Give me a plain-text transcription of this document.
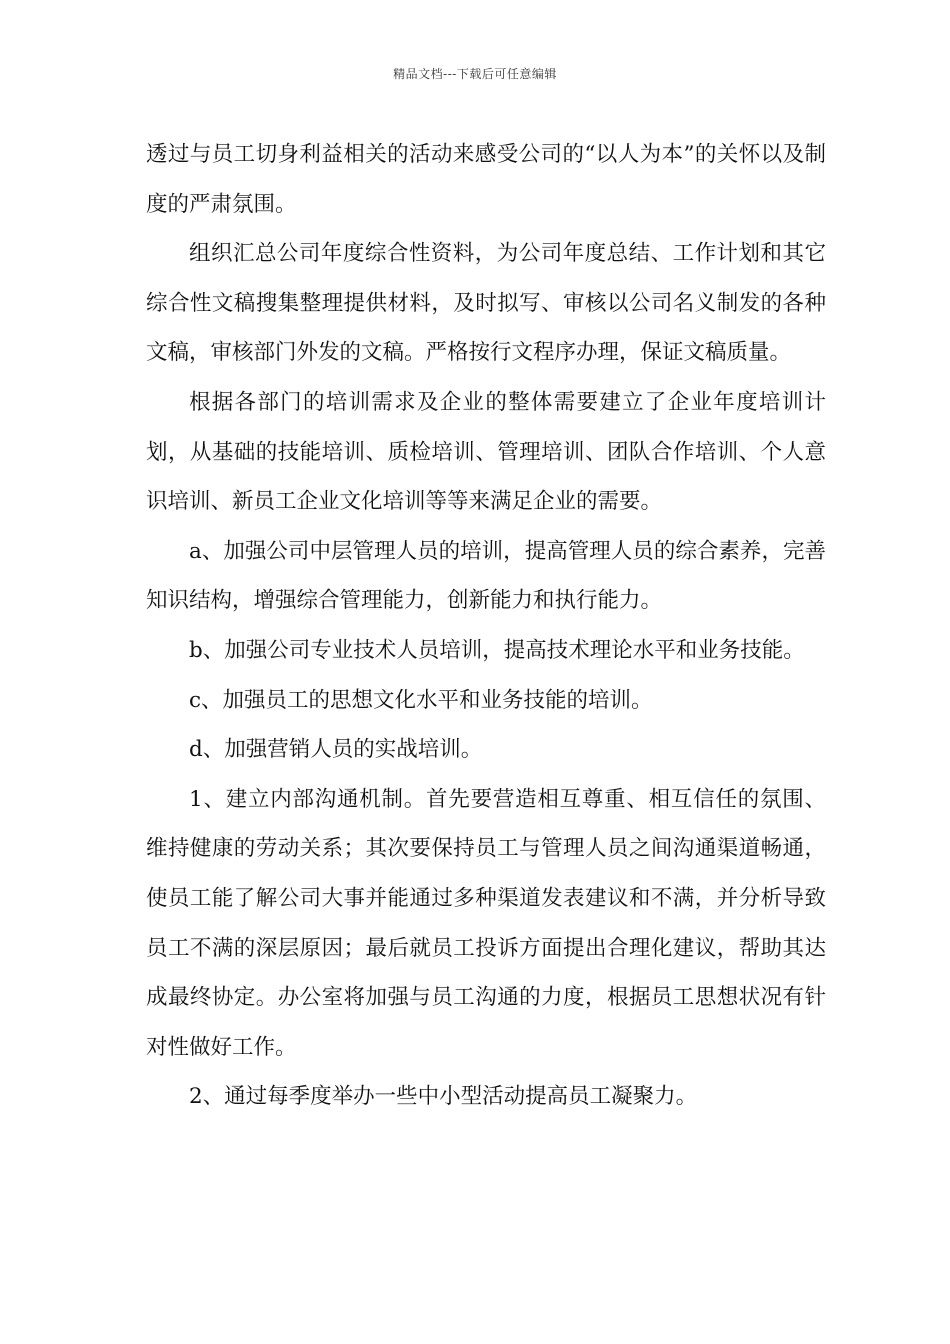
精品文档---下载后可任意编辑

透过与员工切身利益相关的活动来感受公司的“以人为本”的关怀以及制度的严肃氛围。

组织汇总公司年度综合性资料，为公司年度总结、工作计划和其它综合性文稿搜集整理提供材料，及时拟写、审核以公司名义制发的各种文稿，审核部门外发的文稿。严格按行文程序办理，保证文稿质量。

根据各部门的培训需求及企业的整体需要建立了企业年度培训计划，从基础的技能培训、质检培训、管理培训、团队合作培训、个人意识培训、新员工企业文化培训等等来满足企业的需要。

a、加强公司中层管理人员的培训，提高管理人员的综合素养，完善知识结构，增强综合管理能力，创新能力和执行能力。

b、加强公司专业技术人员培训，提高技术理论水平和业务技能。

c、加强员工的思想文化水平和业务技能的培训。

d、加强营销人员的实战培训。

1、建立内部沟通机制。首先要营造相互尊重、相互信任的氛围、维持健康的劳动关系；其次要保持员工与管理人员之间沟通渠道畅通，使员工能了解公司大事并能通过多种渠道发表建议和不满，并分析导致员工不满的深层原因；最后就员工投诉方面提出合理化建议，帮助其达成最终协定。办公室将加强与员工沟通的力度，根据员工思想状况有针对性做好工作。

2、通过每季度举办一些中小型活动提高员工凝聚力。
